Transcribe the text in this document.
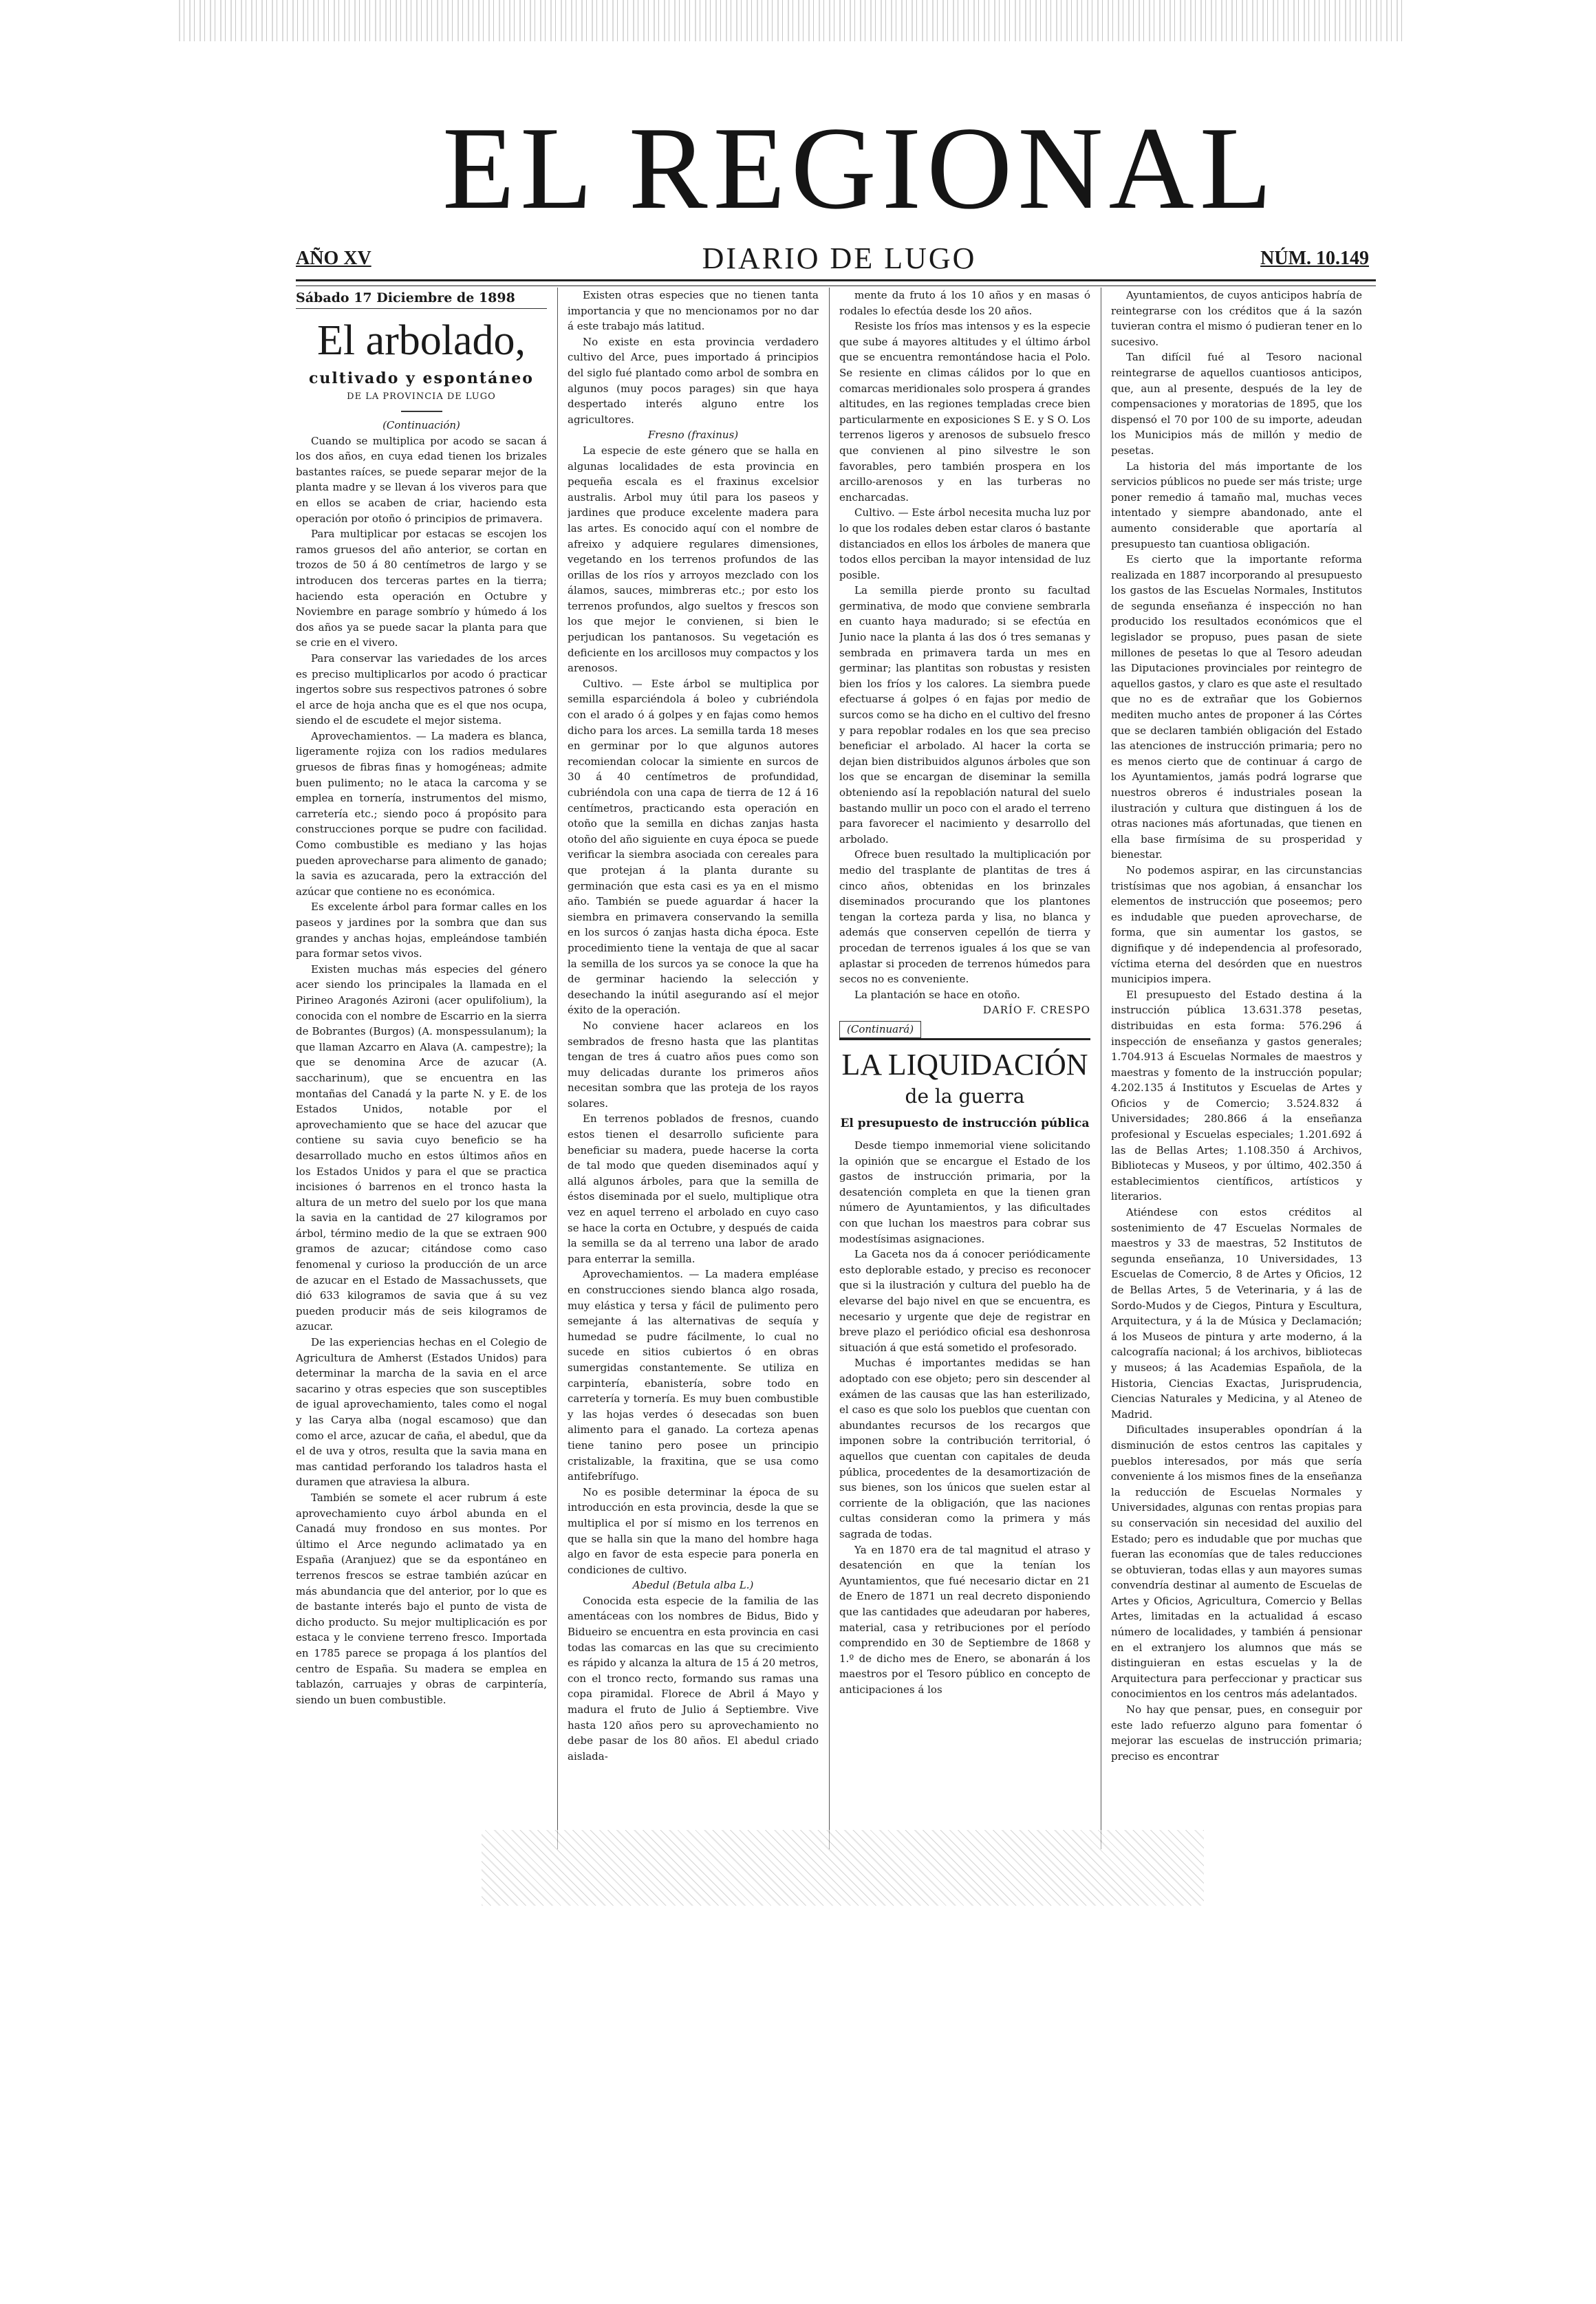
EL REGIONAL
AÑO XV	DIARIO DE LUGO	NÚM. 10.149

Sábado 17 Diciembre de 1898

El arbolado,

cultivado y espontáneo

DE LA PROVINCIA DE LUGO

(Continuación)

Cuando se multiplica por acodo se sacan á los dos años, en cuya edad tienen los brizales bastantes raíces, se puede separar mejor de la planta madre y se llevan á los viveros para que en ellos se acaben de criar, haciendo esta operación por otoño ó principios de primavera.

Para multiplicar por estacas se escojen los ramos gruesos del año anterior, se cortan en trozos de 50 á 80 centímetros de largo y se introducen dos terceras partes en la tierra; haciendo esta operación en Octubre y Noviembre en parage sombrío y húmedo á los dos años ya se puede sacar la planta para que se crie en el vivero.

Para conservar las variedades de los arces es preciso multiplicarlos por acodo ó practicar ingertos sobre sus respectivos patrones ó sobre el arce de hoja ancha que es el que nos ocupa, siendo el de escudete el mejor sistema.

Aprovechamientos. — La madera es blanca, ligeramente rojiza con los radios medulares gruesos de fibras finas y homogéneas; admite buen pulimento; no le ataca la carcoma y se emplea en tornería, instrumentos del mismo, carretería etc.; siendo poco á propósito para construcciones porque se pudre con facilidad. Como combustible es mediano y las hojas pueden aprovecharse para alimento de ganado; la savia es azucarada, pero la extracción del azúcar que contiene no es económica.

Es excelente árbol para formar calles en los paseos y jardines por la sombra que dan sus grandes y anchas hojas, empleándose también para formar setos vivos.

Existen muchas más especies del género acer siendo los principales la llamada en el Pirineo Aragonés Azironi (acer opulifolium), la conocida con el nombre de Escarrio en la sierra de Bobrantes (Burgos) (A. monspessulanum); la que llaman Azcarro en Alava (A. campestre); la que se denomina Arce de azucar (A. saccharinum), que se encuentra en las montañas del Canadá y la parte N. y E. de los Estados Unidos, notable por el aprovechamiento que se hace del azucar que contiene su savia cuyo beneficio se ha desarrollado mucho en estos últimos años en los Estados Unidos y para el que se practica incisiones ó barrenos en el tronco hasta la altura de un metro del suelo por los que mana la savia en la cantidad de 27 kilogramos por árbol, término medio de la que se extraen 900 gramos de azucar; citándose como caso fenomenal y curioso la producción de un arce de azucar en el Estado de Massachussets, que dió 633 kilogramos de savia que á su vez pueden producir más de seis kilogramos de azucar.

De las experiencias hechas en el Colegio de Agricultura de Amherst (Estados Unidos) para determinar la marcha de la savia en el arce sacarino y otras especies que son susceptibles de igual aprovechamiento, tales como el nogal y las Carya alba (nogal escamoso) que dan como el arce, azucar de caña, el abedul, que da el de uva y otros, resulta que la savia mana en mas cantidad perforando los taladros hasta el duramen que atraviesa la albura.

También se somete el acer rubrum á este aprovechamiento cuyo árbol abunda en el Canadá muy frondoso en sus montes. Por último el Arce negundo aclimatado ya en España (Aranjuez) que se da espontáneo en terrenos frescos se estrae también azúcar en más abundancia que del anterior, por lo que es de bastante interés bajo el punto de vista de dicho producto. Su mejor multiplicación es por estaca y le conviene terreno fresco. Importada en 1785 parece se propaga á los plantíos del centro de España. Su madera se emplea en tablazón, carruajes y obras de carpintería, siendo un buen combustible.

Existen otras especies que no tienen tanta importancia y que no mencionamos por no dar á este trabajo más latitud.

No existe en esta provincia verdadero cultivo del Arce, pues importado á principios del siglo fué plantado como arbol de sombra en algunos (muy pocos parages) sin que haya despertado interés alguno entre los agricultores.

Fresno (fraxinus)

La especie de este género que se halla en algunas localidades de esta provincia en pequeña escala es el fraxinus excelsior australis. Arbol muy útil para los paseos y jardines que produce excelente madera para las artes. Es conocido aquí con el nombre de afreixo y adquiere regulares dimensiones, vegetando en los terrenos profundos de las orillas de los ríos y arroyos mezclado con los álamos, sauces, mimbreras etc.; por esto los terrenos profundos, algo sueltos y frescos son los que mejor le convienen, si bien le perjudican los pantanosos. Su vegetación es deficiente en los arcillosos muy compactos y los arenosos.

Cultivo. — Este árbol se multiplica por semilla esparciéndola á boleo y cubriéndola con el arado ó á golpes y en fajas como hemos dicho para los arces. La semilla tarda 18 meses en germinar por lo que algunos autores recomiendan colocar la simiente en surcos de 30 á 40 centímetros de profundidad, cubriéndola con una capa de tierra de 12 á 16 centímetros, practicando esta operación en otoño que la semilla en dichas zanjas hasta otoño del año siguiente en cuya época se puede verificar la siembra asociada con cereales para que protejan á la planta durante su germinación que esta casi es ya en el mismo año. También se puede aguardar á hacer la siembra en primavera conservando la semilla en los surcos ó zanjas hasta dicha época. Este procedimiento tiene la ventaja de que al sacar la semilla de los surcos ya se conoce la que ha de germinar haciendo la selección y desechando la inútil asegurando así el mejor éxito de la operación.

No conviene hacer aclareos en los sembrados de fresno hasta que las plantitas tengan de tres á cuatro años pues como son muy delicadas durante los primeros años necesitan sombra que las proteja de los rayos solares.

En terrenos poblados de fresnos, cuando estos tienen el desarrollo suficiente para beneficiar su madera, puede hacerse la corta de tal modo que queden diseminados aquí y allá algunos árboles, para que la semilla de éstos diseminada por el suelo, multiplique otra vez en aquel terreno el arbolado en cuyo caso se hace la corta en Octubre, y después de caida la semilla se da al terreno una labor de arado para enterrar la semilla.

Aprovechamientos. — La madera empléase en construcciones siendo blanca algo rosada, muy elástica y tersa y fácil de pulimento pero semejante á las alternativas de sequía y humedad se pudre fácilmente, lo cual no sucede en sitios cubiertos ó en obras sumergidas constantemente. Se utiliza en carpintería, ebanistería, sobre todo en carretería y tornería. Es muy buen combustible y las hojas verdes ó desecadas son buen alimento para el ganado. La corteza apenas tiene tanino pero posee un principio cristalizable, la fraxitina, que se usa como antifebrífugo.

No es posible determinar la época de su introducción en esta provincia, desde la que se multiplica el por sí mismo en los terrenos en que se halla sin que la mano del hombre haga algo en favor de esta especie para ponerla en condiciones de cultivo.

Abedul (Betula alba L.)

Conocida esta especie de la familia de las amentáceas con los nombres de Bidus, Bido y Bidueiro se encuentra en esta provincia en casi todas las comarcas en las que su crecimiento es rápido y alcanza la altura de 15 á 20 metros, con el tronco recto, formando sus ramas una copa piramidal. Florece de Abril á Mayo y madura el fruto de Julio á Septiembre. Vive hasta 120 años pero su aprovechamiento no debe pasar de los 80 años. El abedul criado aislada-

mente da fruto á los 10 años y en masas ó rodales lo efectúa desde los 20 años.

Resiste los fríos mas intensos y es la especie que sube á mayores altitudes y el último árbol que se encuentra remontándose hacia el Polo. Se resiente en climas cálidos por lo que en comarcas meridionales solo prospera á grandes altitudes, en las regiones templadas crece bien particularmente en exposiciones S E. y S O. Los terrenos ligeros y arenosos de subsuelo fresco que convienen al pino silvestre le son favorables, pero también prospera en los arcillo-arenosos y en las turberas no encharcadas.

Cultivo. — Este árbol necesita mucha luz por lo que los rodales deben estar claros ó bastante distanciados en ellos los árboles de manera que todos ellos perciban la mayor intensidad de luz posible.

La semilla pierde pronto su facultad germinativa, de modo que conviene sembrarla en cuanto haya madurado; si se efectúa en Junio nace la planta á las dos ó tres semanas y sembrada en primavera tarda un mes en germinar; las plantitas son robustas y resisten bien los fríos y los calores. La siembra puede efectuarse á golpes ó en fajas por medio de surcos como se ha dicho en el cultivo del fresno y para repoblar rodales en los que sea preciso beneficiar el arbolado. Al hacer la corta se dejan bien distribuidos algunos árboles que son los que se encargan de diseminar la semilla obteniendo así la repoblación natural del suelo bastando mullir un poco con el arado el terreno para favorecer el nacimiento y desarrollo del arbolado.

Ofrece buen resultado la multiplicación por medio del trasplante de plantitas de tres á cinco años, obtenidas en los brinzales diseminados procurando que los plantones tengan la corteza parda y lisa, no blanca y además que conserven cepellón de tierra y procedan de terrenos iguales á los que se van aplastar si proceden de terrenos húmedos para secos no es conveniente.

La plantación se hace en otoño.

DARÍO F. CRESPO

(Continuará)

LA LIQUIDACIÓN

de la guerra

El presupuesto de instrucción pública

Desde tiempo inmemorial viene solicitando la opinión que se encargue el Estado de los gastos de instrucción primaria, por la desatención completa en que la tienen gran número de Ayuntamientos, y las dificultades con que luchan los maestros para cobrar sus modestísimas asignaciones.

La Gaceta nos da á conocer periódicamente esto deplorable estado, y preciso es reconocer que si la ilustración y cultura del pueblo ha de elevarse del bajo nivel en que se encuentra, es necesario y urgente que deje de registrar en breve plazo el periódico oficial esa deshonrosa situación á que está sometido el profesorado.

Muchas é importantes medidas se han adoptado con ese objeto; pero sin descender al exámen de las causas que las han esterilizado, el caso es que solo los pueblos que cuentan con abundantes recursos de los recargos que imponen sobre la contribución territorial, ó aquellos que cuentan con capitales de deuda pública, procedentes de la desamortización de sus bienes, son los únicos que suelen estar al corriente de la obligación, que las naciones cultas consideran como la primera y más sagrada de todas.

Ya en 1870 era de tal magnitud el atraso y desatención en que la tenían los Ayuntamientos, que fué necesario dictar en 21 de Enero de 1871 un real decreto disponiendo que las cantidades que adeudaran por haberes, material, casa y retribuciones por el período comprendido en 30 de Septiembre de 1868 y 1.º de dicho mes de Enero, se abonarán á los maestros por el Tesoro público en concepto de anticipaciones á los

Ayuntamientos, de cuyos anticipos habría de reintegrarse con los créditos que á la sazón tuvieran contra el mismo ó pudieran tener en lo sucesivo.

Tan difícil fué al Tesoro nacional reintegrarse de aquellos cuantiosos anticipos, que, aun al presente, después de la ley de compensaciones y moratorias de 1895, que los dispensó el 70 por 100 de su importe, adeudan los Municipios más de millón y medio de pesetas.

La historia del más importante de los servicios públicos no puede ser más triste; urge poner remedio á tamaño mal, muchas veces intentado y siempre abandonado, ante el aumento considerable que aportaría al presupuesto tan cuantiosa obligación.

Es cierto que la importante reforma realizada en 1887 incorporando al presupuesto los gastos de las Escuelas Normales, Institutos de segunda enseñanza é inspección no han producido los resultados económicos que el legislador se propuso, pues pasan de siete millones de pesetas lo que al Tesoro adeudan las Diputaciones provinciales por reintegro de aquellos gastos, y claro es que aste el resultado que no es de extrañar que los Gobiernos mediten mucho antes de proponer á las Córtes que se declaren también obligación del Estado las atenciones de instrucción primaria; pero no es menos cierto que de continuar á cargo de los Ayuntamientos, jamás podrá lograrse que nuestros obreros é industriales posean la ilustración y cultura que distinguen á los de otras naciones más afortunadas, que tienen en ella base firmísima de su prosperidad y bienestar.

No podemos aspirar, en las circunstancias tristísimas que nos agobian, á ensanchar los elementos de instrucción que poseemos; pero es indudable que pueden aprovecharse, de forma, que sin aumentar los gastos, se dignifique y dé independencia al profesorado, víctima eterna del desórden que en nuestros municipios impera.

El presupuesto del Estado destina á la instrucción pública 13.631.378 pesetas, distribuidas en esta forma: 576.296 á inspección de enseñanza y gastos generales; 1.704.913 á Escuelas Normales de maestros y maestras y fomento de la instrucción popular; 4.202.135 á Institutos y Escuelas de Artes y Oficios y de Comercio; 3.524.832 á Universidades; 280.866 á la enseñanza profesional y Escuelas especiales; 1.201.692 á las de Bellas Artes; 1.108.350 á Archivos, Bibliotecas y Museos, y por último, 402.350 á establecimientos científicos, artísticos y literarios.

Atiéndese con estos créditos al sostenimiento de 47 Escuelas Normales de maestros y 33 de maestras, 52 Institutos de segunda enseñanza, 10 Universidades, 13 Escuelas de Comercio, 8 de Artes y Oficios, 12 de Bellas Artes, 5 de Veterinaria, y á las de Sordo-Mudos y de Ciegos, Pintura y Escultura, Arquitectura, y á la de Música y Declamación; á los Museos de pintura y arte moderno, á la calcografía nacional; á los archivos, bibliotecas y museos; á las Academias Española, de la Historia, Ciencias Exactas, Jurisprudencia, Ciencias Naturales y Medicina, y al Ateneo de Madrid.

Dificultades insuperables opondrían á la disminución de estos centros las capitales y pueblos interesados, por más que sería conveniente á los mismos fines de la enseñanza la reducción de Escuelas Normales y Universidades, algunas con rentas propias para su conservación sin necesidad del auxilio del Estado; pero es indudable que por muchas que fueran las economías que de tales reducciones se obtuvieran, todas ellas y aun mayores sumas convendría destinar al aumento de Escuelas de Artes y Oficios, Agricultura, Comercio y Bellas Artes, limitadas en la actualidad á escaso número de localidades, y también á pensionar en el extranjero los alumnos que más se distinguieran en estas escuelas y la de Arquitectura para perfeccionar y practicar sus conocimientos en los centros más adelantados.

No hay que pensar, pues, en conseguir por este lado refuerzo alguno para fomentar ó mejorar las escuelas de instrucción primaria; preciso es encontrar
